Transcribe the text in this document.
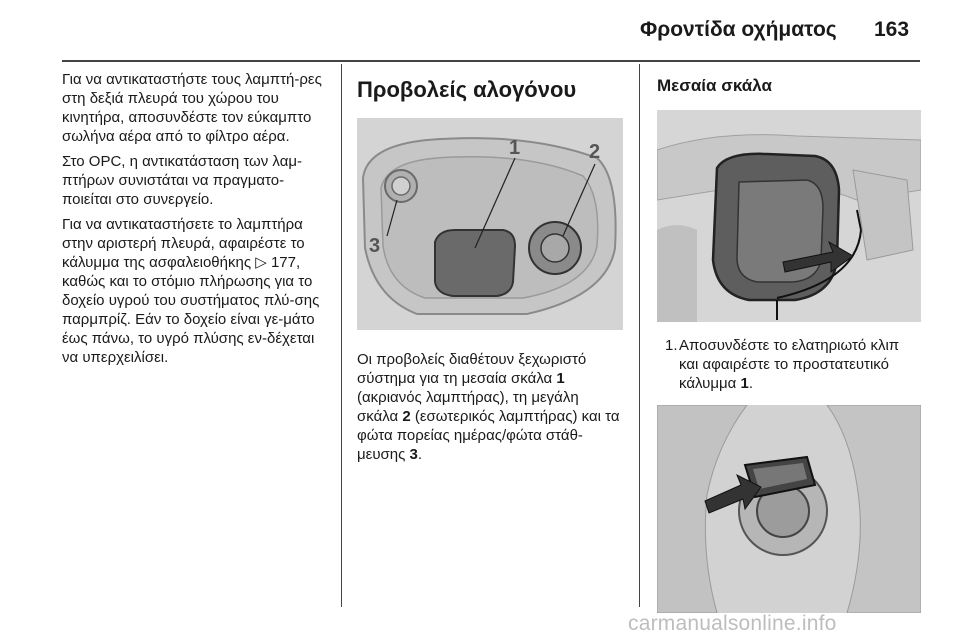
Φροντίδα οχήματος 163

Για να αντικαταστήστε τους λαμπτή-ρες στη δεξιά πλευρά του χώρου του κινητήρα, αποσυνδέστε τον εύκαμπτο σωλήνα αέρα από το φίλτρο αέρα.

Στο OPC, η αντικατάσταση των λαμ-πτήρων συνιστάται να πραγματο-ποιείται στο συνεργείο.

Για να αντικαταστήσετε το λαμπτήρα στην αριστερή πλευρά, αφαιρέστε το κάλυμμα της ασφαλειοθήκης ▷ 177, καθώς και το στόμιο πλήρωσης για το δοχείο υγρού του συστήματος πλύ-σης παρμπρίζ. Εάν το δοχείο είναι γε-μάτο έως πάνω, το υγρό πλύσης εν-δέχεται να υπερχειλίσει.

Προβολείς αλογόνου
1	2
3

Οι προβολείς διαθέτουν ξεχωριστό σύστημα για τη μεσαία σκάλα 1 (ακριανός λαμπτήρας), τη μεγάλη σκάλα 2 (εσωτερικός λαμπτήρας) και τα φώτα πορείας ημέρας/φώτα στάθ-μευσης 3.

Μεσαία σκάλα
1. Αποσυνδέστε το ελατηριωτό κλιπ και αφαιρέστε το προστατευτικό κάλυμμα 1.
carmanualsonline.info
